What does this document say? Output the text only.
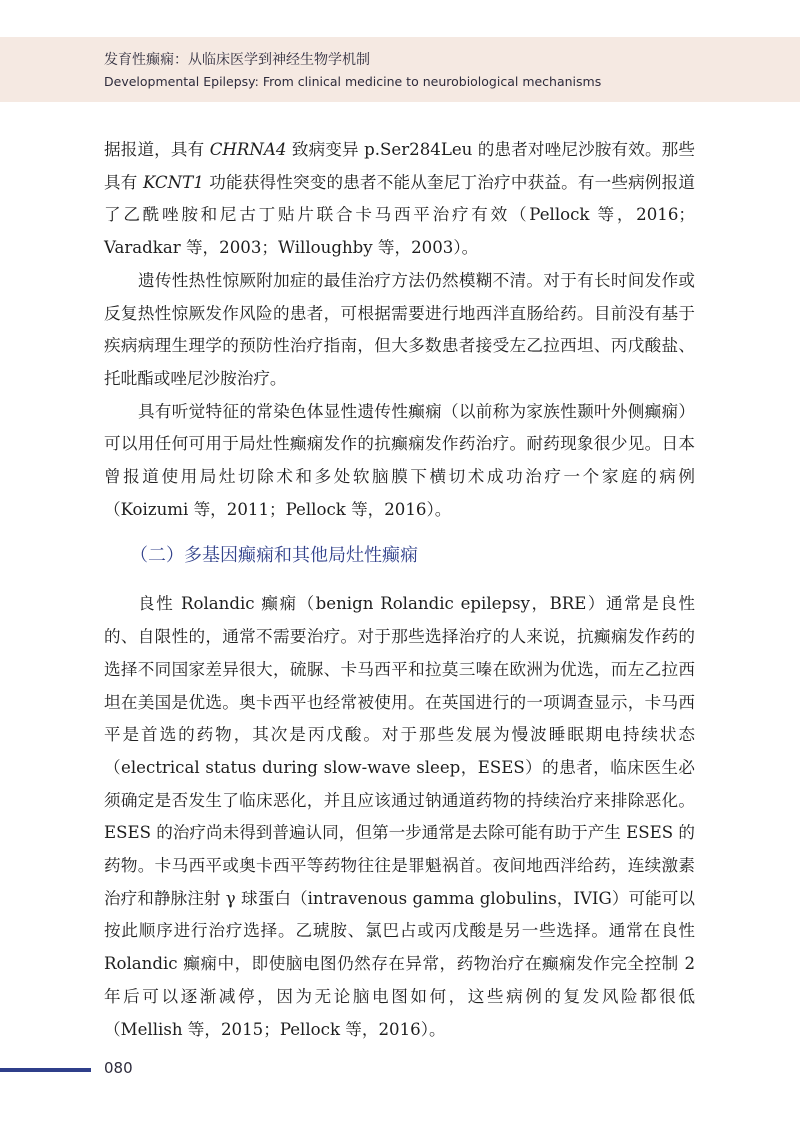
发育性癫痫：从临床医学到神经生物学机制
Developmental Epilepsy: From clinical medicine to neurobiological mechanisms

据报道，具有 CHRNA4 致病变异 p.Ser284Leu 的患者对唑尼沙胺有效。那些具有 KCNT1 功能获得性突变的患者不能从奎尼丁治疗中获益。有一些病例报道了乙酰唑胺和尼古丁贴片联合卡马西平治疗有效（Pellock 等，2016；Varadkar 等，2003；Willoughby 等，2003）。

遗传性热性惊厥附加症的最佳治疗方法仍然模糊不清。对于有长时间发作或反复热性惊厥发作风险的患者，可根据需要进行地西泮直肠给药。目前没有基于疾病病理生理学的预防性治疗指南，但大多数患者接受左乙拉西坦、丙戊酸盐、托吡酯或唑尼沙胺治疗。

具有听觉特征的常染色体显性遗传性癫痫（以前称为家族性颞叶外侧癫痫）可以用任何可用于局灶性癫痫发作的抗癫痫发作药治疗。耐药现象很少见。日本曾报道使用局灶切除术和多处软脑膜下横切术成功治疗一个家庭的病例（Koizumi 等，2011；Pellock 等，2016）。

（二）多基因癫痫和其他局灶性癫痫

良性 Rolandic 癫痫（benign Rolandic epilepsy，BRE）通常是良性的、自限性的，通常不需要治疗。对于那些选择治疗的人来说，抗癫痫发作药的选择不同国家差异很大，硫脲、卡马西平和拉莫三嗪在欧洲为优选，而左乙拉西坦在美国是优选。奥卡西平也经常被使用。在英国进行的一项调查显示，卡马西平是首选的药物，其次是丙戊酸。对于那些发展为慢波睡眠期电持续状态（electrical status during slow-wave sleep，ESES）的患者，临床医生必须确定是否发生了临床恶化，并且应该通过钠通道药物的持续治疗来排除恶化。ESES 的治疗尚未得到普遍认同，但第一步通常是去除可能有助于产生 ESES 的药物。卡马西平或奥卡西平等药物往往是罪魁祸首。夜间地西泮给药，连续激素治疗和静脉注射 γ 球蛋白（intravenous gamma globulins，IVIG）可能可以按此顺序进行治疗选择。乙琥胺、氯巴占或丙戊酸是另一些选择。通常在良性 Rolandic 癫痫中，即使脑电图仍然存在异常，药物治疗在癫痫发作完全控制 2 年后可以逐渐减停，因为无论脑电图如何，这些病例的复发风险都很低（Mellish 等，2015；Pellock 等，2016）。

080
